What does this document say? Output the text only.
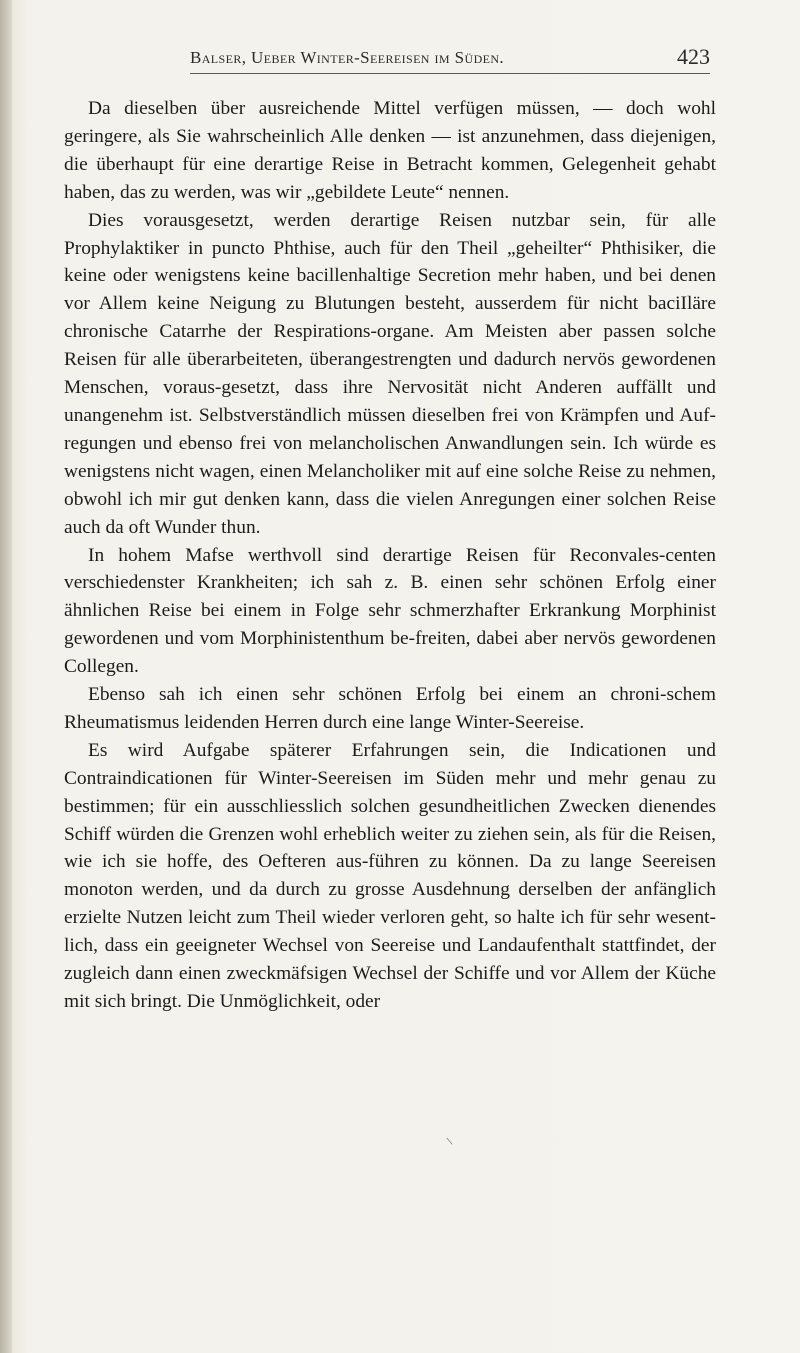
Balser, Ueber Winter-Seereisen im Süden.	423

Da dieselben über ausreichende Mittel verfügen müssen, — doch wohl geringere, als Sie wahrscheinlich Alle denken — ist anzunehmen, dass diejenigen, die überhaupt für eine derartige Reise in Betracht kommen, Gelegenheit gehabt haben, das zu werden, was wir „gebildete Leute“ nennen.

Dies vorausgesetzt, werden derartige Reisen nutzbar sein, für alle Prophylaktiker in puncto Phthise, auch für den Theil „geheilter“ Phthisiker, die keine oder wenigstens keine bacillenhaltige Secretion mehr haben, und bei denen vor Allem keine Neigung zu Blutungen besteht, ausserdem für nicht baciIläre chronische Catarrhe der Respirations-organe. Am Meisten aber passen solche Reisen für alle überarbeiteten, überangestrengten und dadurch nervös gewordenen Menschen, voraus-gesetzt, dass ihre Nervosität nicht Anderen auffällt und unangenehm ist. Selbstverständlich müssen dieselben frei von Krämpfen und Auf-regungen und ebenso frei von melancholischen Anwandlungen sein. Ich würde es wenigstens nicht wagen, einen Melancholiker mit auf eine solche Reise zu nehmen, obwohl ich mir gut denken kann, dass die vielen Anregungen einer solchen Reise auch da oft Wunder thun.

In hohem Mafse werthvoll sind derartige Reisen für Reconvales-centen verschiedenster Krankheiten; ich sah z. B. einen sehr schönen Erfolg einer ähnlichen Reise bei einem in Folge sehr schmerzhafter Erkrankung Morphinist gewordenen und vom Morphinistenthum be-freiten, dabei aber nervös gewordenen Collegen.

Ebenso sah ich einen sehr schönen Erfolg bei einem an chroni-schem Rheumatismus leidenden Herren durch eine lange Winter-Seereise.

Es wird Aufgabe späterer Erfahrungen sein, die Indicationen und Contraindicationen für Winter-Seereisen im Süden mehr und mehr genau zu bestimmen; für ein ausschliesslich solchen gesundheitlichen Zwecken dienendes Schiff würden die Grenzen wohl erheblich weiter zu ziehen sein, als für die Reisen, wie ich sie hoffe, des Oefteren aus-führen zu können. Da zu lange Seereisen monoton werden, und da durch zu grosse Ausdehnung derselben der anfänglich erzielte Nutzen leicht zum Theil wieder verloren geht, so halte ich für sehr wesent-lich, dass ein geeigneter Wechsel von Seereise und Landaufenthalt stattfindet, der zugleich dann einen zweckmäfsigen Wechsel der Schiffe und vor Allem der Küche mit sich bringt. Die Unmöglichkeit, oder

\
